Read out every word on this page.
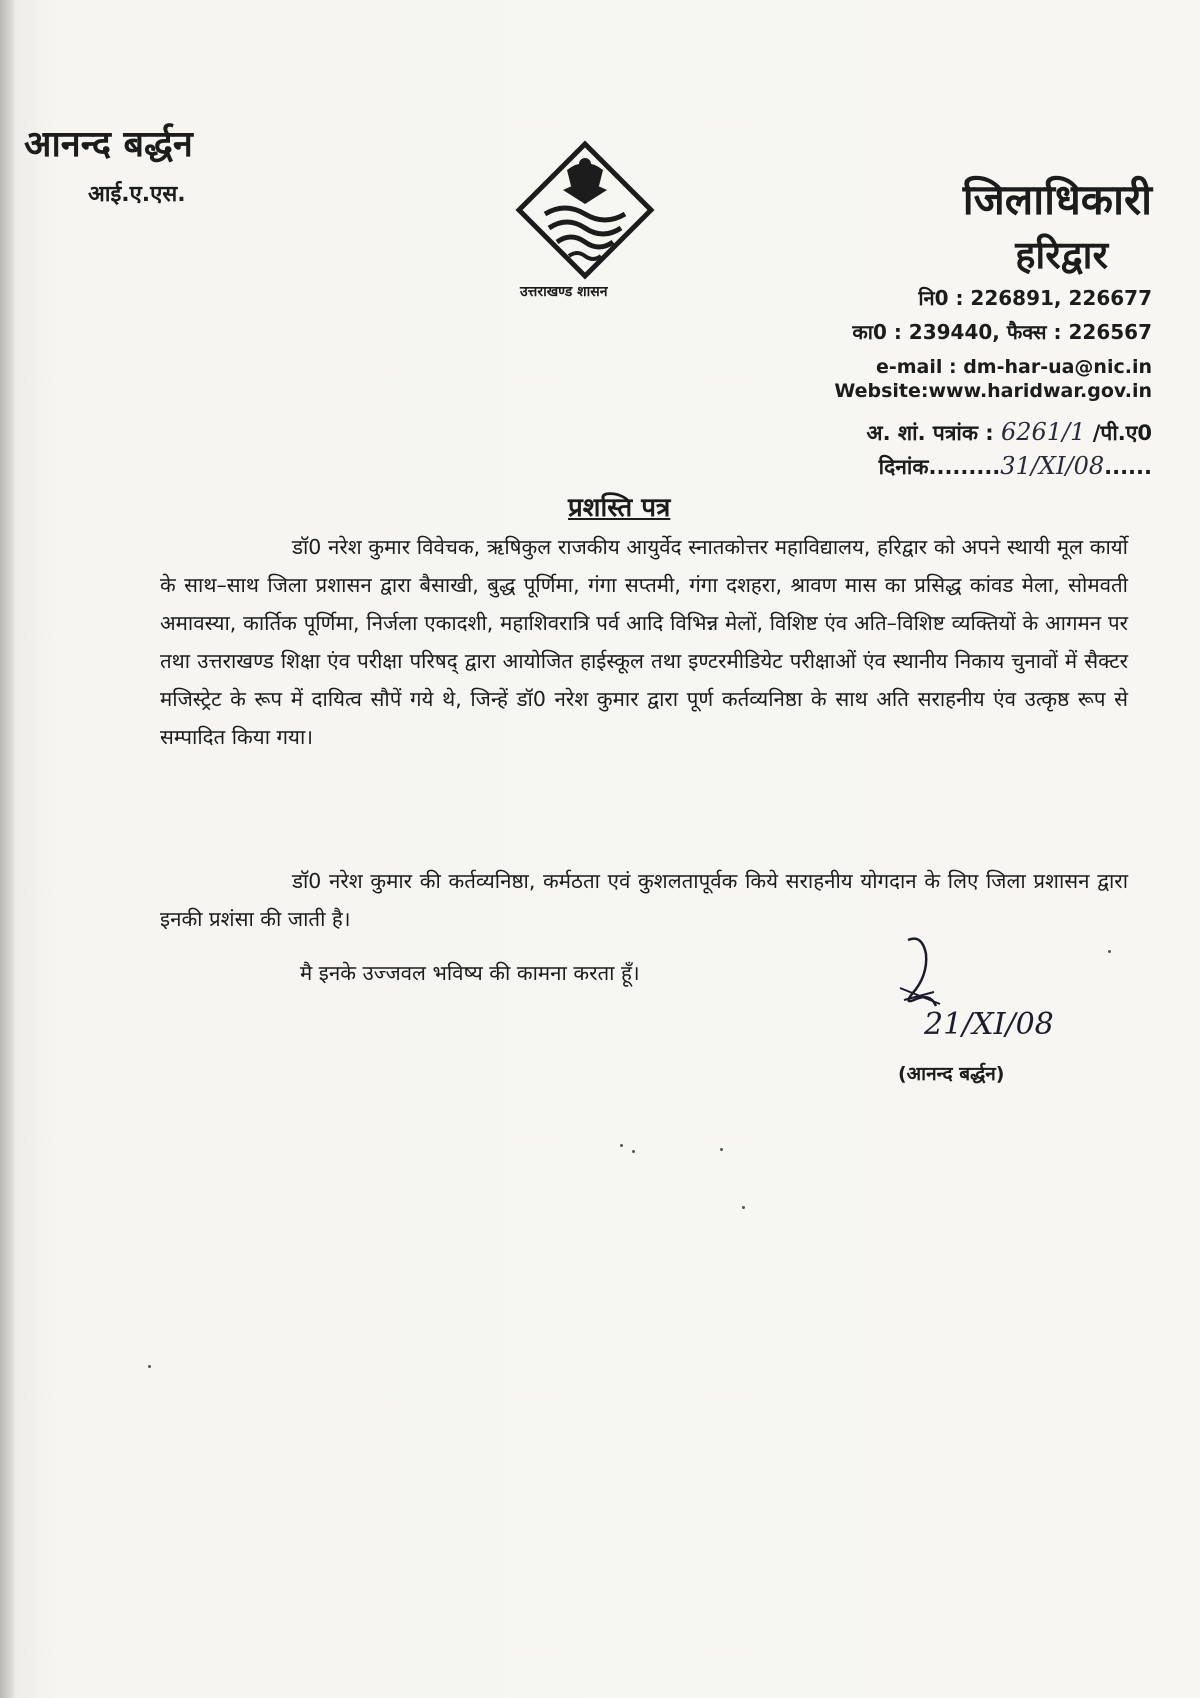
आनन्द बर्द्धन
आई.ए.एस.
उत्तराखण्ड शासन
जिलाधिकारी
हरिद्वार
नि0 : 226891, 226677
का0 : 239440, फैक्स : 226567
e-mail : dm-har-ua@nic.in
Website:www.haridwar.gov.in
अ. शां. पत्रांक : 6261/1 /पी.ए0
दिनांक.........31/XI/08......
प्रशस्ति पत्र
डॉ0 नरेश कुमार विवेचक, ऋषिकुल राजकीय आयुर्वेद स्नातकोत्तर महाविद्यालय, हरिद्वार को अपने स्थायी मूल कार्यो के साथ–साथ जिला प्रशासन द्वारा बैसाखी, बुद्ध पूर्णिमा, गंगा सप्तमी, गंगा दशहरा, श्रावण मास का प्रसिद्ध कांवड मेला, सोमवती अमावस्या, कार्तिक पूर्णिमा, निर्जला एकादशी, महाशिवरात्रि पर्व आदि विभिन्न मेलों, विशिष्ट एंव अति–विशिष्ट व्यक्तियों के आगमन पर तथा उत्तराखण्ड शिक्षा एंव परीक्षा परिषद् द्वारा आयोजित हाईस्कूल तथा इण्टरमीडियेट परीक्षाओं एंव स्थानीय निकाय चुनावों में सैक्टर मजिस्ट्रेट के रूप में दायित्व सौपें गये थे, जिन्हें डॉ0 नरेश कुमार द्वारा पूर्ण कर्तव्यनिष्ठा के साथ अति सराहनीय एंव उत्कृष्ठ रूप से सम्पादित किया गया।
डॉ0 नरेश कुमार की कर्तव्यनिष्ठा, कर्मठता एवं कुशलतापूर्वक किये सराहनीय योगदान के लिए जिला प्रशासन द्वारा इनकी प्रशंसा की जाती है।
मै इनके उज्जवल भविष्य की कामना करता हूँ।
21/XI/08
(आनन्द बर्द्धन)
